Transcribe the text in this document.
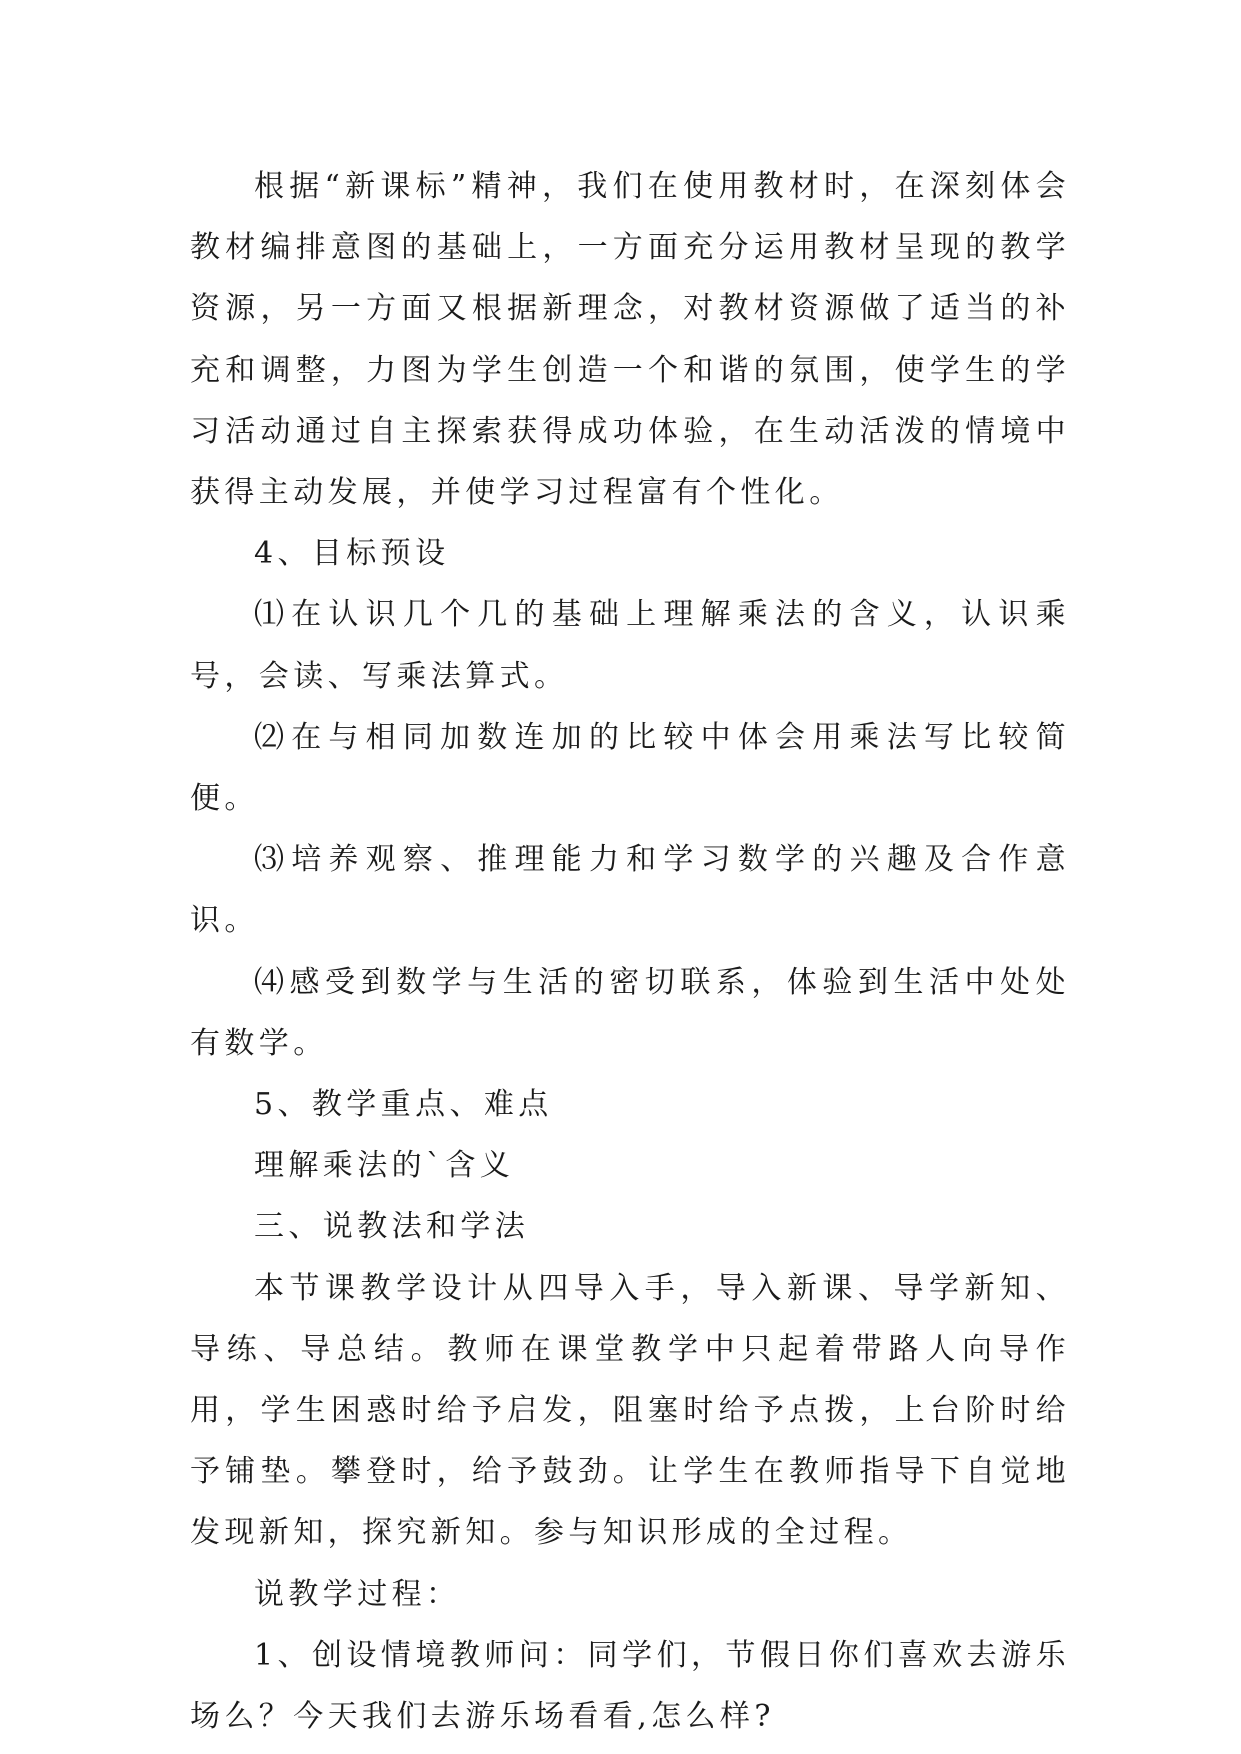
根据“新课标”精神，我们在使用教材时，在深刻体会教材编排意图的基础上，一方面充分运用教材呈现的教学资源，另一方面又根据新理念，对教材资源做了适当的补充和调整，力图为学生创造一个和谐的氛围，使学生的学习活动通过自主探索获得成功体验，在生动活泼的情境中获得主动发展，并使学习过程富有个性化。

4、目标预设

⑴在认识几个几的基础上理解乘法的含义，认识乘号，会读、写乘法算式。

⑵在与相同加数连加的比较中体会用乘法写比较简便。

⑶培养观察、推理能力和学习数学的兴趣及合作意识。

⑷感受到数学与生活的密切联系，体验到生活中处处有数学。

5、教学重点、难点

理解乘法的`含义

三、说教法和学法

本节课教学设计从四导入手，导入新课、导学新知、导练、导总结。教师在课堂教学中只起着带路人向导作用，学生困惑时给予启发，阻塞时给予点拨，上台阶时给予铺垫。攀登时，给予鼓劲。让学生在教师指导下自觉地发现新知，探究新知。参与知识形成的全过程。

说教学过程：

1、创设情境教师问：同学们，节假日你们喜欢去游乐场么？今天我们去游乐场看看,怎么样?
